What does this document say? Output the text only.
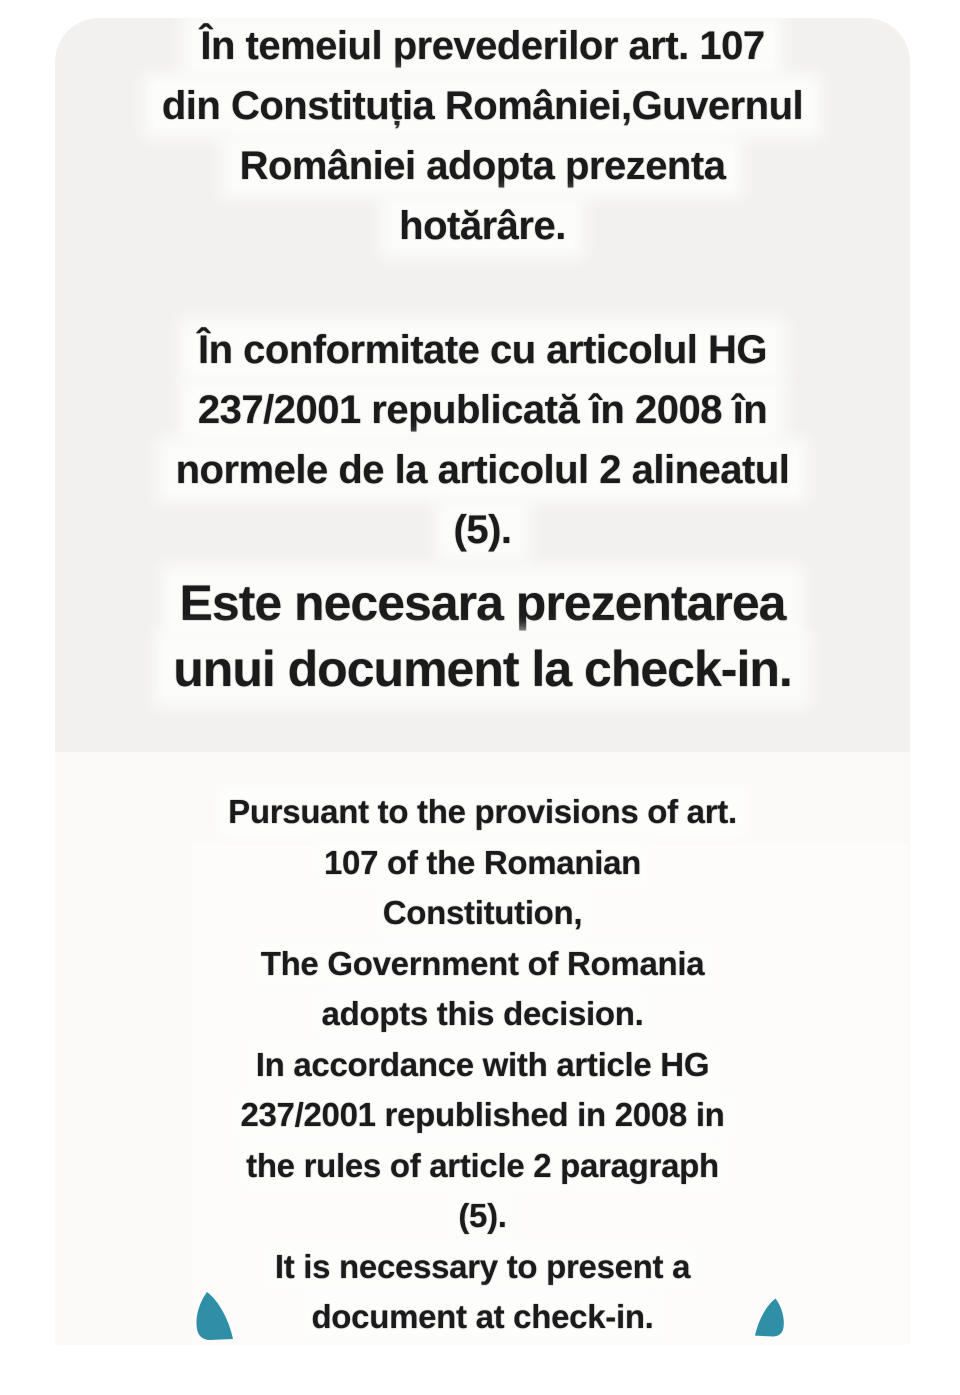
În temeiul prevederilor art. 107
din Constituția României,Guvernul
României adopta prezenta
hotărâre.
În conformitate cu articolul HG
237/2001 republicată în 2008 în
normele de la articolul 2 alineatul
(5).
Este necesara prezentarea
unui document la check-in.
Pursuant to the provisions of art.
107 of the Romanian
Constitution,
The Government of Romania
adopts this decision.
In accordance with article HG
237/2001 republished in 2008 in
the rules of article 2 paragraph
(5).
It is necessary to present a
document at check-in.
